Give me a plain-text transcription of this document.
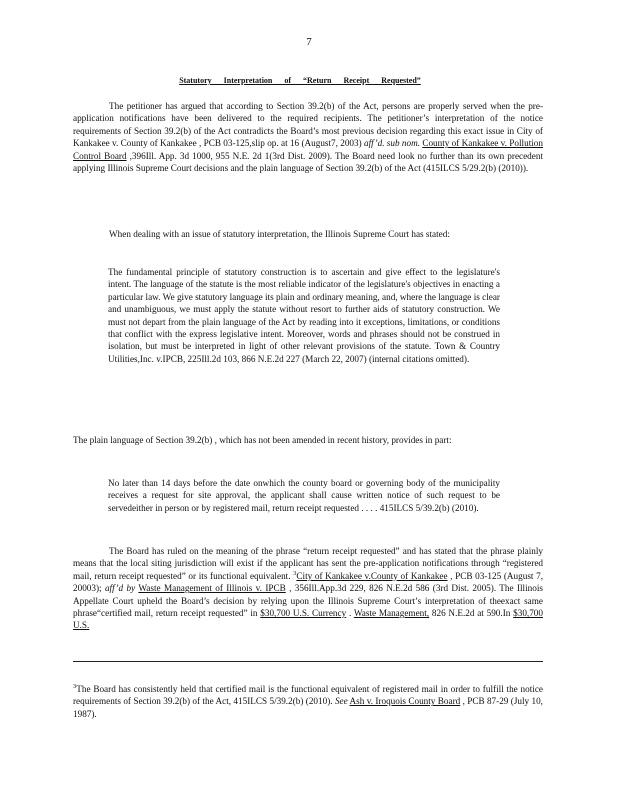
7
Statutory Interpretation of “Return Receipt Requested”
The petitioner has argued that according to Section 39.2(b) of the Act, persons are properly served when the pre-application notifications have been delivered to the required recipients. The petitioner’s interpretation of the notice requirements of Section 39.2(b) of the Act contradicts the Board’s most previous decision regarding this exact issue in City of Kankakee v. County of Kankakee , PCB 03-125,slip op. at 16 (August7, 2003) aff’d. sub nom. County of Kankakee v. Pollution Control Board ,396Ill. App. 3d 1000, 955 N.E. 2d 1(3rd Dist. 2009). The Board need look no further than its own precedent applying Illinois Supreme Court decisions and the plain language of Section 39.2(b) of the Act (415ILCS 5/29.2(b) (2010)).
When dealing with an issue of statutory interpretation, the Illinois Supreme Court has stated:
The fundamental principle of statutory construction is to ascertain and give effect to the legislature's intent. The language of the statute is the most reliable indicator of the legislature's objectives in enacting a particular law. We give statutory language its plain and ordinary meaning, and, where the language is clear and unambiguous, we must apply the statute without resort to further aids of statutory construction. We must not depart from the plain language of the Act by reading into it exceptions, limitations, or conditions that conflict with the express legislative intent. Moreover, words and phrases should not be construed in isolation, but must be interpreted in light of other relevant provisions of the statute. Town & Country Utilities,Inc. v.IPCB, 225Ill.2d 103, 866 N.E.2d 227 (March 22, 2007) (internal citations omitted).
The plain language of Section 39.2(b) , which has not been amended in recent history, provides in part:
No later than 14 days before the date onwhich the county board or governing body of the municipality receives a request for site approval, the applicant shall cause written notice of such request to be servedeither in person or by registered mail, return receipt requested . . . . 415ILCS 5/39.2(b) (2010).
The Board has ruled on the meaning of the phrase “return receipt requested” and has stated that the phrase plainly means that the local siting jurisdiction will exist if the applicant has sent the pre-application notifications through “registered mail, return receipt requested” or its functional equivalent. $^3$City of Kankakee v.County of Kankakee , PCB 03-125 (August 7, 20003); aff’d by Waste Management of Illinois v. IPCB , 356Ill.App.3d 229, 826 N.E.2d 586 (3rd Dist. 2005). The Illinois Appellate Court upheld the Board’s decision by relying upon the Illinois Supreme Court’s interpretation of theexact same phrase“certified mail, return receipt requested” in $30,700 U.S. Currency . Waste Management, 826 N.E.2d at 590.In $30,700 U.S.
$^3$The Board has consistently held that certified mail is the functional equivalent of registered mail in order to fulfill the notice requirements of Section 39.2(b) of the Act, 415ILCS 5/39.2(b) (2010). See Ash v. Iroquois County Board , PCB 87-29 (July 10, 1987).
